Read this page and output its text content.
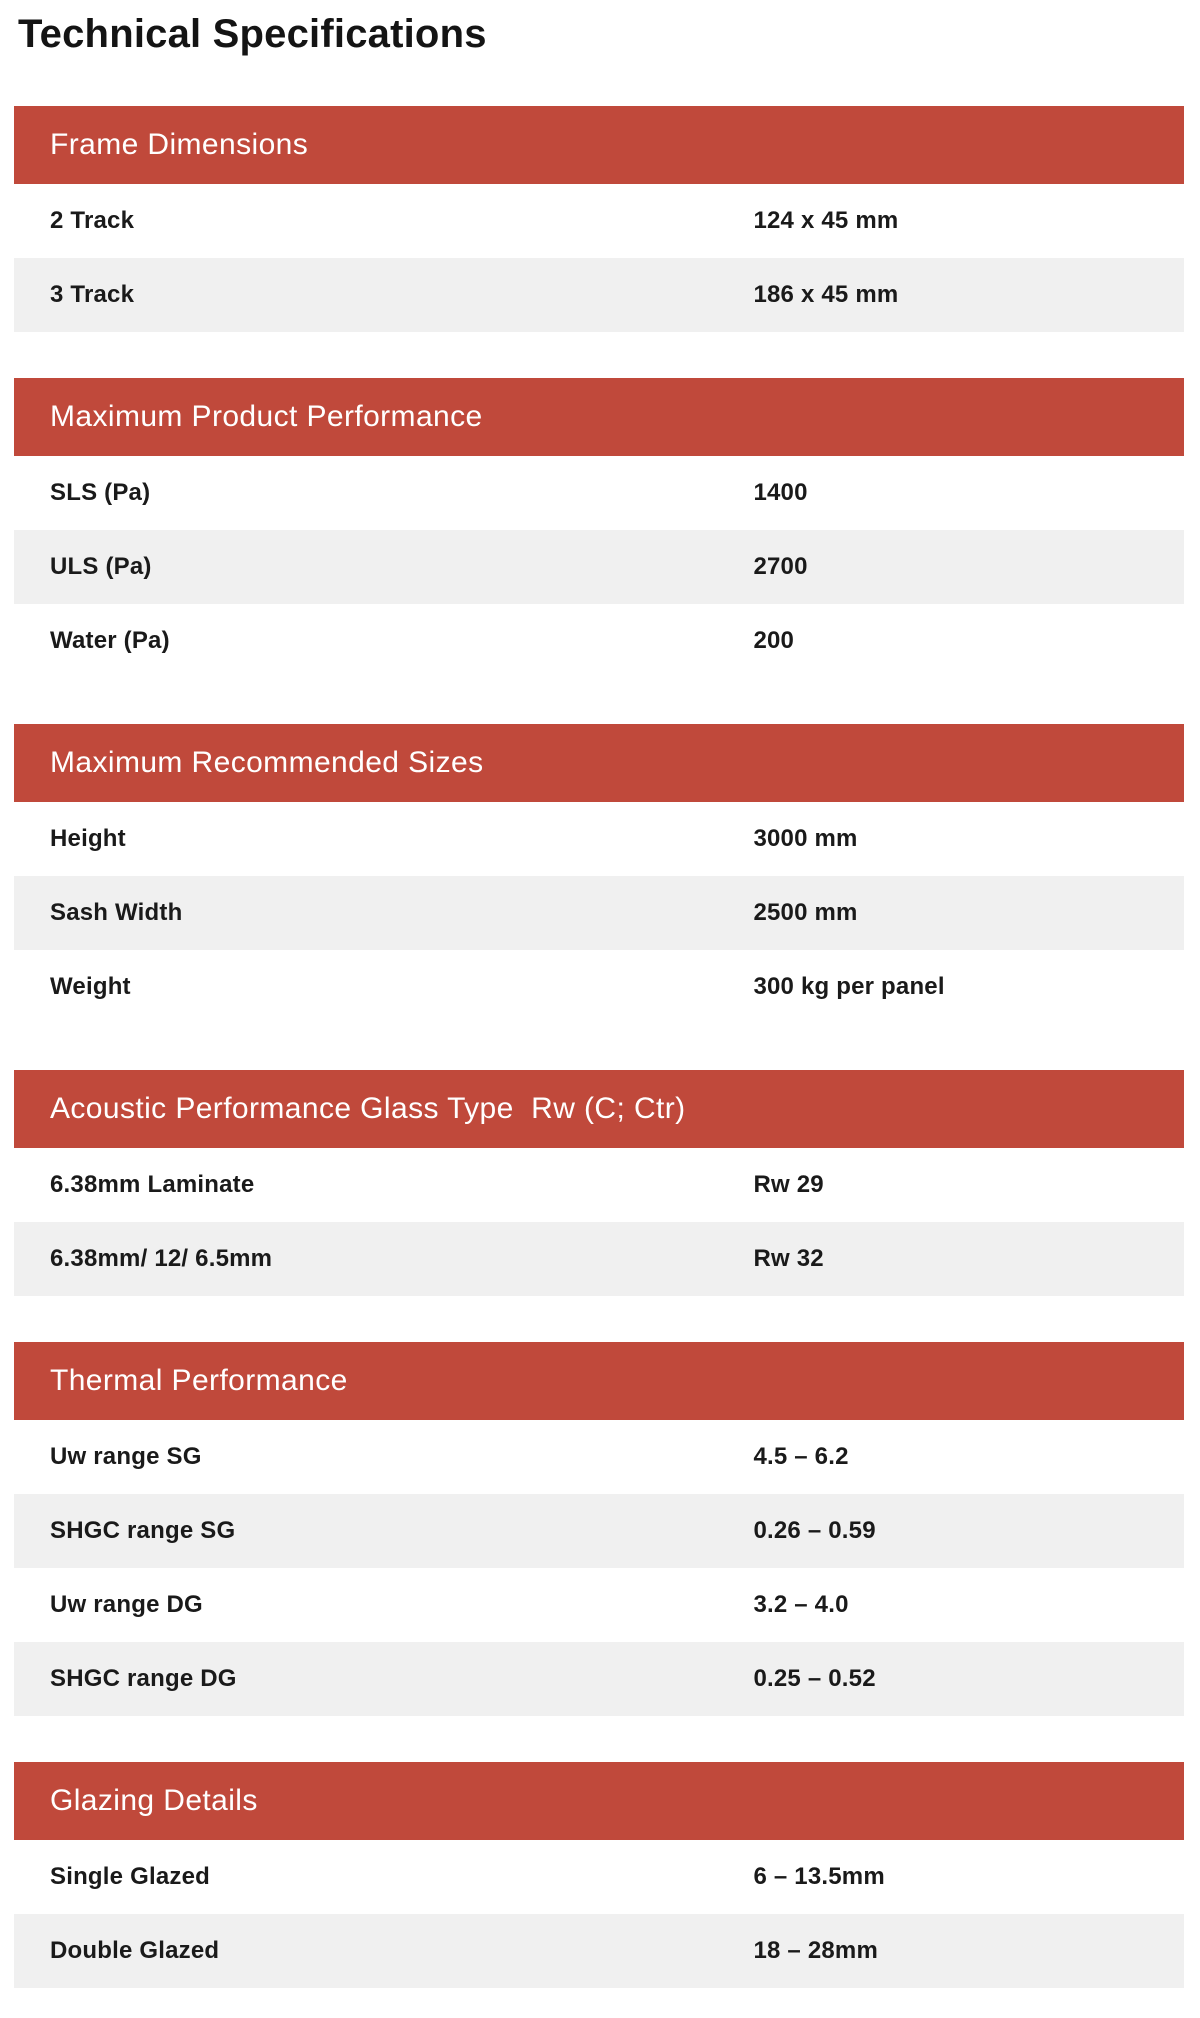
Technical Specifications
Frame Dimensions
2 Track	124 x 45 mm
3 Track	186 x 45 mm
Maximum Product Performance
SLS (Pa)	1400
ULS (Pa)	2700
Water (Pa)	200
Maximum Recommended Sizes
Height	3000 mm
Sash Width	2500 mm
Weight	300 kg per panel
Acoustic Performance Glass Type  Rw (C; Ctr)
6.38mm Laminate	Rw 29
6.38mm/ 12/ 6.5mm	Rw 32
Thermal Performance
Uw range SG	4.5 – 6.2
SHGC range SG	0.26 – 0.59
Uw range DG	3.2 – 4.0
SHGC range DG	0.25 – 0.52
Glazing Details
Single Glazed	6 – 13.5mm
Double Glazed	18 – 28mm
